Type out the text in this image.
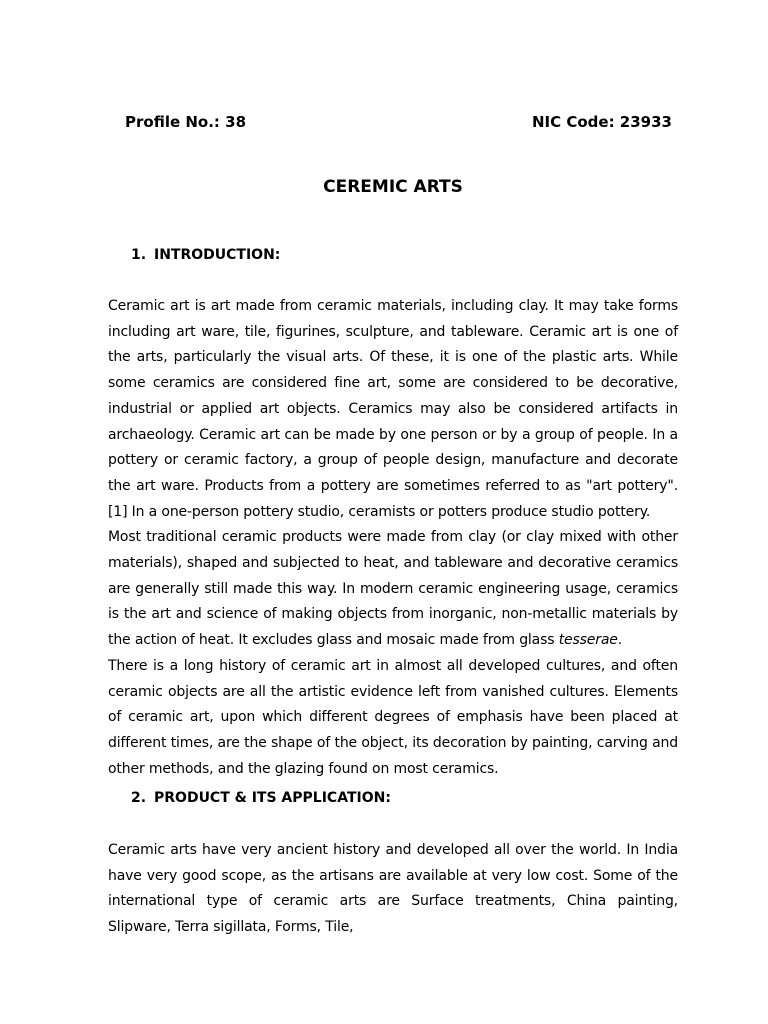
Profile No.: 38	NIC Code: 23933
CEREMIC ARTS
1. INTRODUCTION:

Ceramic art is art made from ceramic materials, including clay. It may take forms including art ware, tile, figurines, sculpture, and tableware. Ceramic art is one of the arts, particularly the visual arts. Of these, it is one of the plastic arts. While some ceramics are considered fine art, some are considered to be decorative, industrial or applied art objects. Ceramics may also be considered artifacts in archaeology. Ceramic art can be made by one person or by a group of people. In a pottery or ceramic factory, a group of people design, manufacture and decorate the art ware. Products from a pottery are sometimes referred to as "art pottery".[1] In a one-person pottery studio, ceramists or potters produce studio pottery.

Most traditional ceramic products were made from clay (or clay mixed with other materials), shaped and subjected to heat, and tableware and decorative ceramics are generally still made this way. In modern ceramic engineering usage, ceramics is the art and science of making objects from inorganic, non-metallic materials by the action of heat. It excludes glass and mosaic made from glass tesserae.

There is a long history of ceramic art in almost all developed cultures, and often ceramic objects are all the artistic evidence left from vanished cultures. Elements of ceramic art, upon which different degrees of emphasis have been placed at different times, are the shape of the object, its decoration by painting, carving and other methods, and the glazing found on most ceramics.

2. PRODUCT & ITS APPLICATION:

Ceramic arts have very ancient history and developed all over the world. In India have very good scope, as the artisans are available at very low cost. Some of the international type of ceramic arts are Surface treatments, China painting, Slipware, Terra sigillata, Forms, Tile,
